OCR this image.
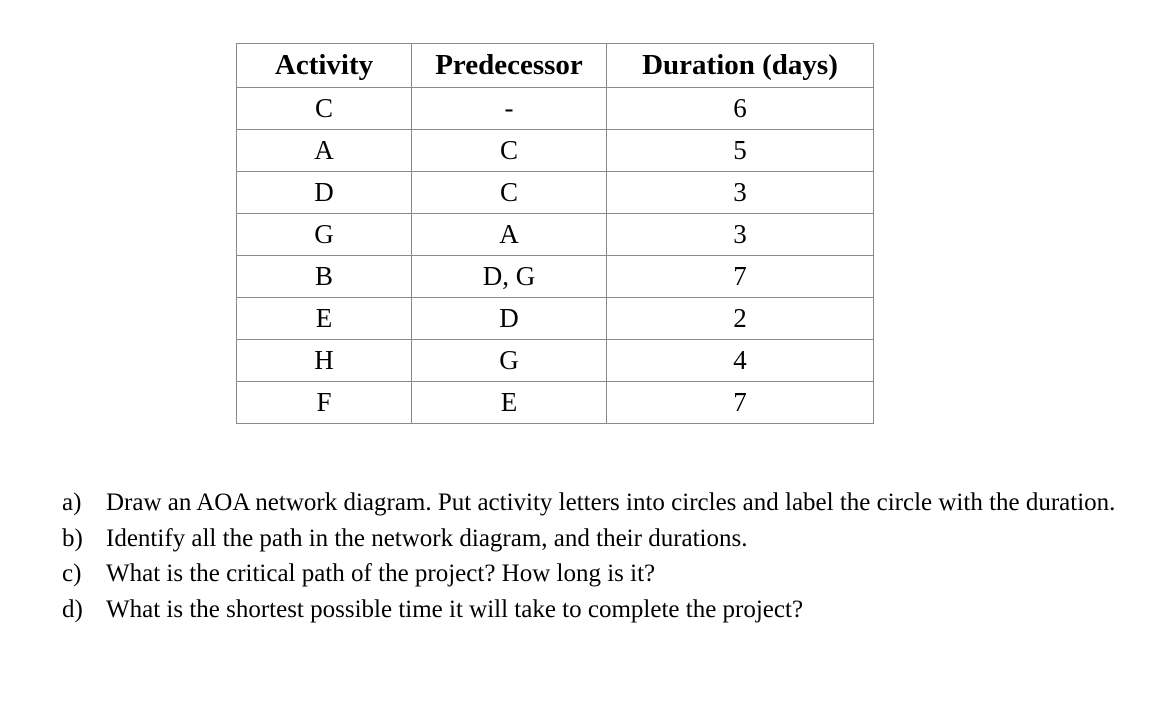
Activity	Predecessor	Duration (days)
C	-	6
A	C	5
D	C	3
G	A	3
B	D, G	7
E	D	2
H	G	4
F	E	7
a) Draw an AOA network diagram. Put activity letters into circles and label the circle with the duration.
b) Identify all the path in the network diagram, and their durations.
c) What is the critical path of the project? How long is it?
d) What is the shortest possible time it will take to complete the project?
